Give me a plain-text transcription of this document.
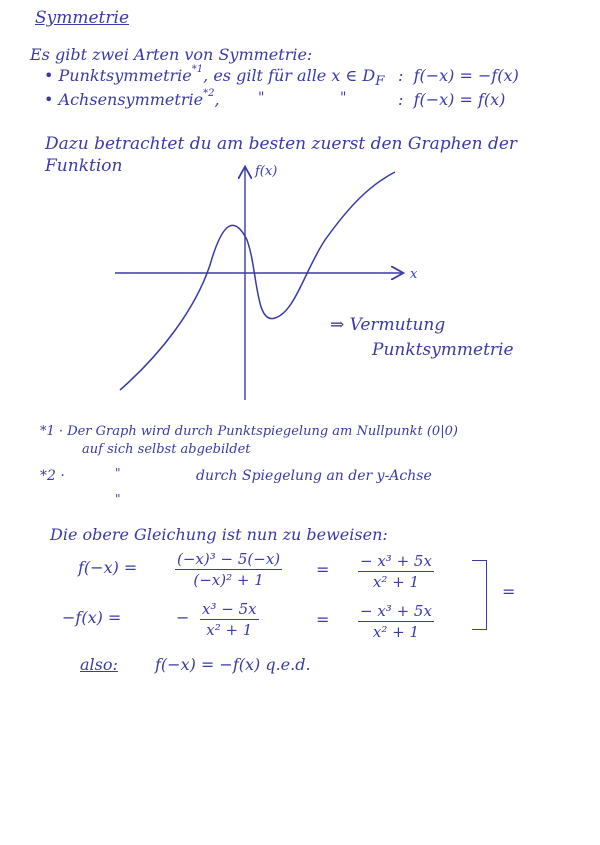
Symmetrie
Es gibt zwei Arten von Symmetrie:
• Punktsymmetrie$^{*1}$, es gilt für alle x ∈ $D_F$ : f(−x) = −f(x)
• Achsensymmetrie$^{*2}$,	"	"	: f(−x) = f(x)
Dazu betrachtet du am besten zuerst den Graphen der
Funktion	f(x)
x
⇒ Vermutung
Punktsymmetrie
*1 · Der Graph wird durch Punktspiegelung am Nullpunkt (0|0)
auf sich selbst abgebildet
*2 ·	"	durch Spiegelung an der y-Achse
"
Die obere Gleichung ist nun zu beweisen:
f(−x) =	$\frac{\text{(−x)³ − 5(−x)}}{\text{(−x)² + 1}} = \frac{\text{− x³ + 5x}}{\text{x² + 1}}$
−f(x) =	− $\frac{\text{x³ − 5x}}{\text{x² + 1}}$	= $\frac{\text{− x³ + 5x}}{\text{x² + 1}}$
=
also: f(−x) = −f(x) q.e.d.
